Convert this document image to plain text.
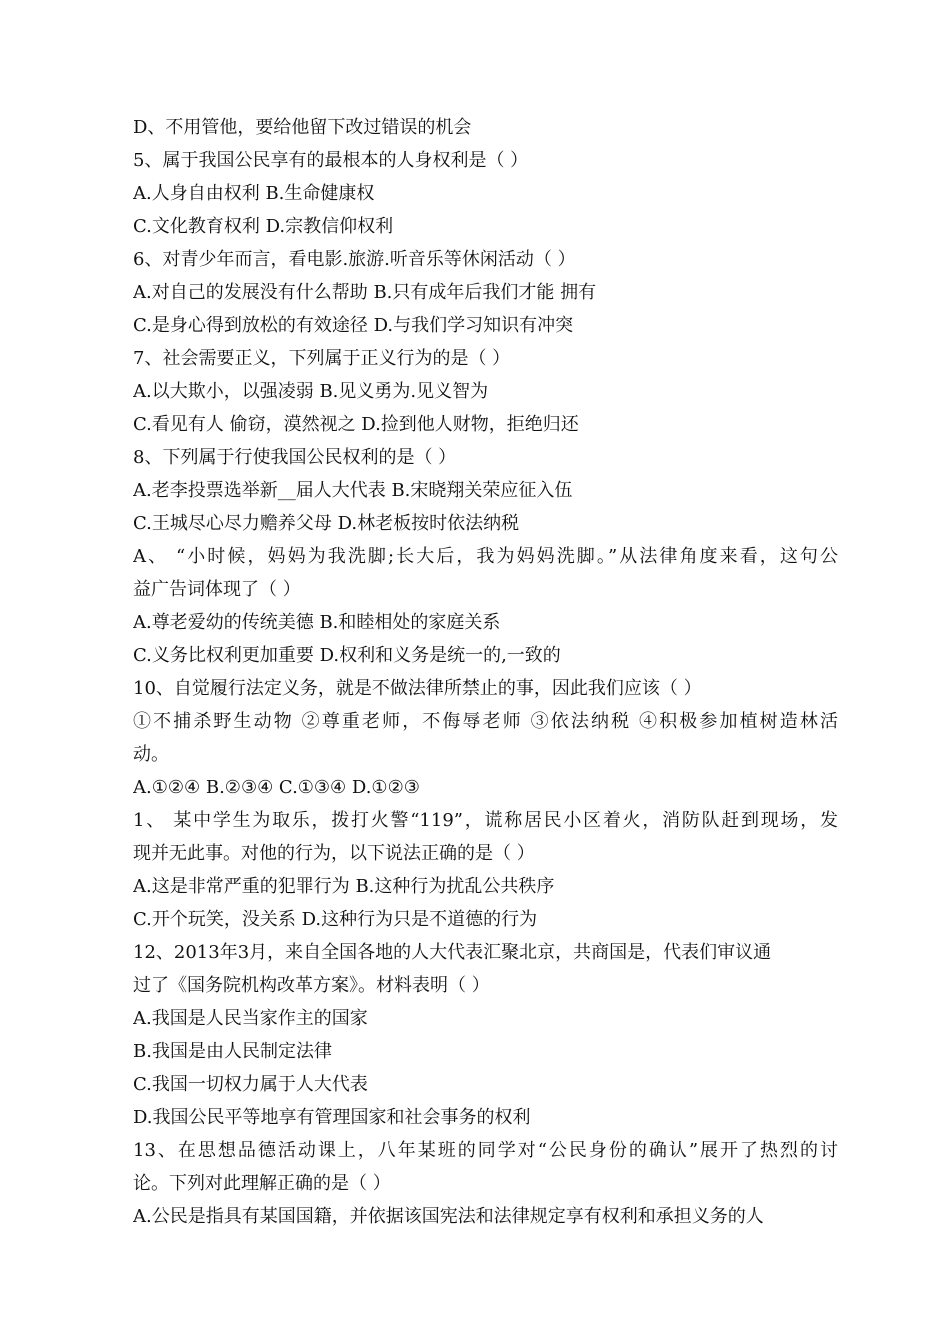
D、不用管他，要给他留下改过错误的机会
5、属于我国公民享有的最根本的人身权利是（ ）
A.人身自由权利 B.生命健康权
C.文化教育权利 D.宗教信仰权利
6、对青少年而言，看电影.旅游.听音乐等休闲活动（ ）
A.对自己的发展没有什么帮助 B.只有成年后我们才能 拥有
C.是身心得到放松的有效途径 D.与我们学习知识有冲突
7、社会需要正义，下列属于正义行为的是（ ）
A.以大欺小，以强凌弱 B.见义勇为.见义智为
C.看见有人 偷窃，漠然视之 D.捡到他人财物，拒绝归还
8、下列属于行使我国公民权利的是（ ）
A.老李投票选举新__届人大代表 B.宋晓翔关荣应征入伍
C.王城尽心尽力赡养父母 D.林老板按时依法纳税
A、 “小时候，妈妈为我洗脚;长大后，我为妈妈洗脚。”从法律角度来看，这句公
益广告词体现了（ ）
A.尊老爱幼的传统美德 B.和睦相处的家庭关系
C.义务比权利更加重要 D.权利和义务是统一的,一致的
10、自觉履行法定义务，就是不做法律所禁止的事，因此我们应该（ ）
①不捕杀野生动物 ②尊重老师，不侮辱老师 ③依法纳税 ④积极参加植树造林活
动。
A.①②④ B.②③④ C.①③④ D.①②③
1、 某中学生为取乐，拨打火警“119”，谎称居民小区着火，消防队赶到现场，发
现并无此事。对他的行为，以下说法正确的是（ ）
A.这是非常严重的犯罪行为 B.这种行为扰乱公共秩序
C.开个玩笑，没关系 D.这种行为只是不道德的行为
12、2013年3月，来自全国各地的人大代表汇聚北京，共商国是，代表们审议通
过了《国务院机构改革方案》。材料表明（ ）
A.我国是人民当家作主的国家
B.我国是由人民制定法律
C.我国一切权力属于人大代表
D.我国公民平等地享有管理国家和社会事务的权利
13、在思想品德活动课上，八年某班的同学对“公民身份的确认”展开了热烈的讨
论。下列对此理解正确的是（ ）
A.公民是指具有某国国籍，并依据该国宪法和法律规定享有权利和承担义务的人
